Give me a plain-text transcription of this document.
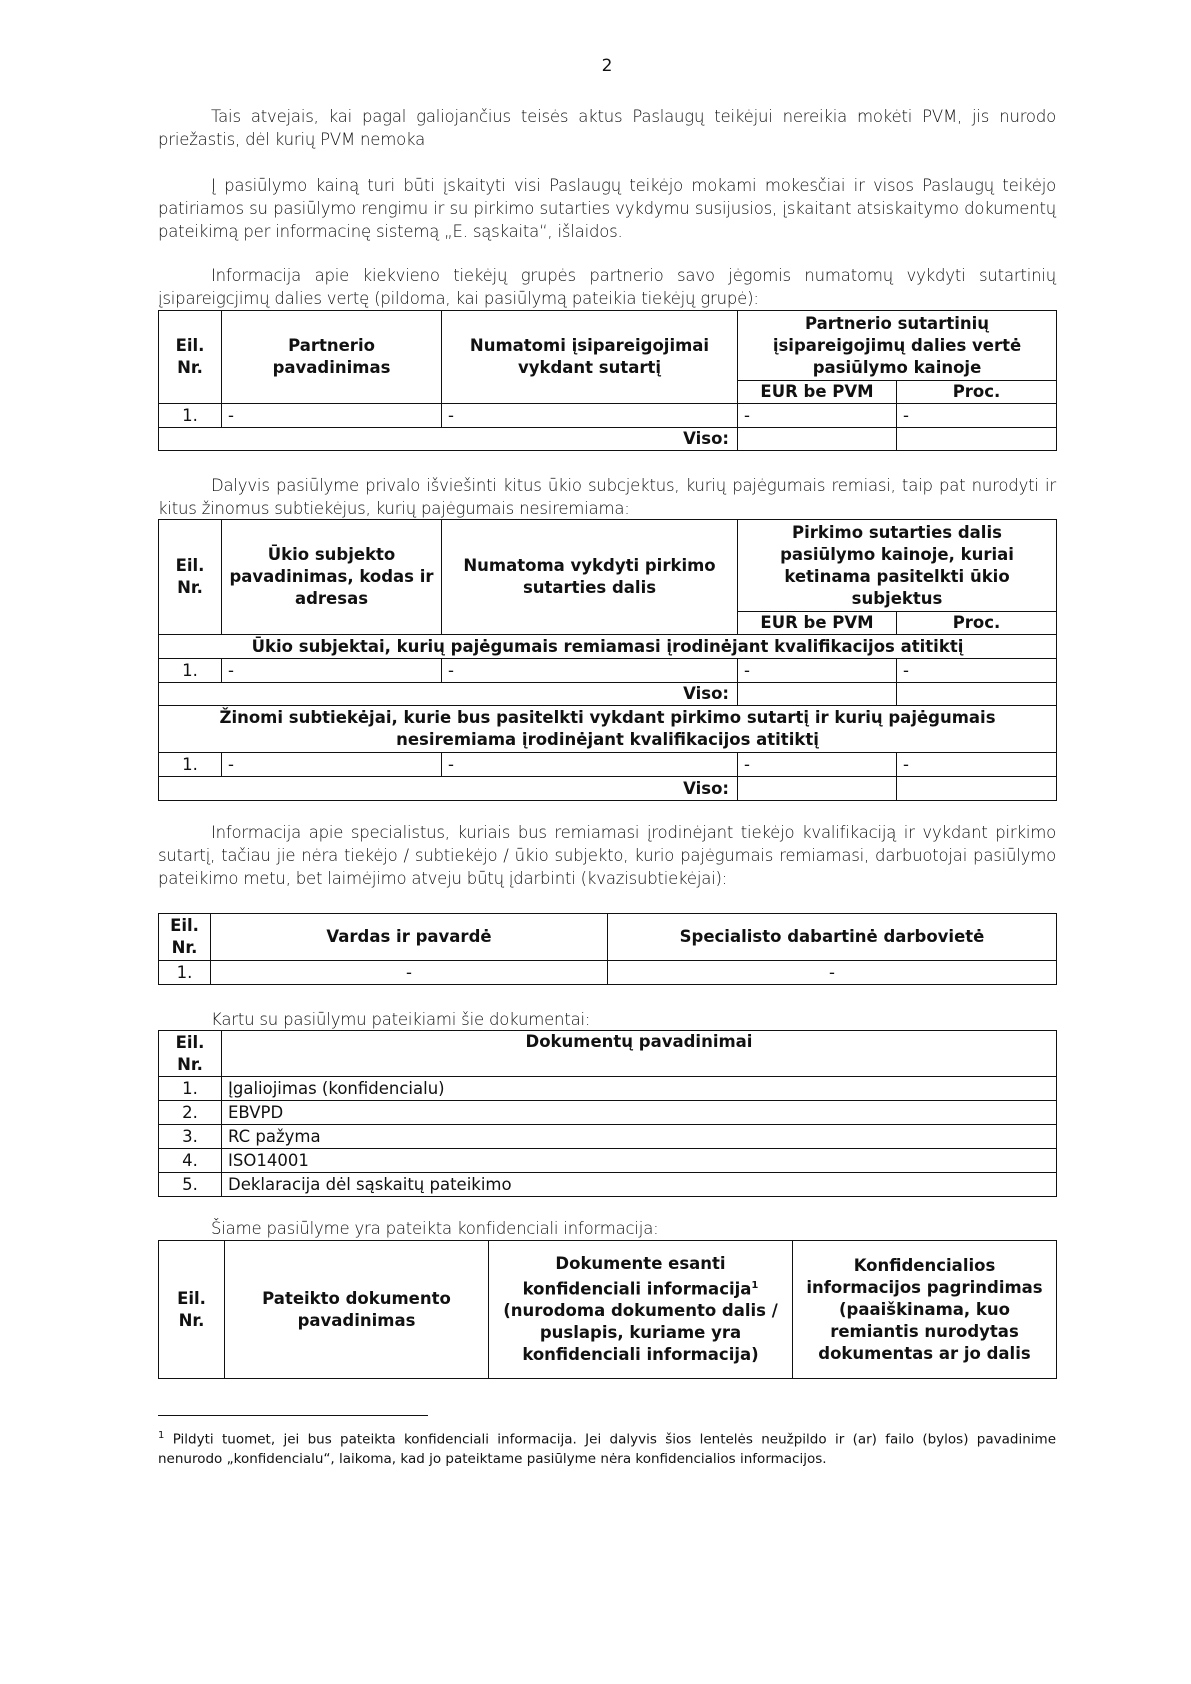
2

Tais atvejais, kai pagal galiojančius teisės aktus Paslaugų teikėjui nereikia mokėti PVM, jis nurodo priežastis, dėl kurių PVM nemoka

Į pasiūlymo kainą turi būti įskaityti visi Paslaugų teikėjo mokami mokesčiai ir visos Paslaugų teikėjo patiriamos su pasiūlymo rengimu ir su pirkimo sutarties vykdymu susijusios, įskaitant atsiskaitymo dokumentų pateikimą per informacinę sistemą „E. sąskaita“, išlaidos.

Informacija apie kiekvieno tiekėjų grupės partnerio savo jėgomis numatomų vykdyti sutartinių įsipareigcjimų dalies vertę (pildoma, kai pasiūlymą pateikia tiekėjų grupė):

Eil. Nr.	Partnerio pavadinimas	Numatomi įsipareigojimai vykdant sutartį	Partnerio sutartinių įsipareigojimų dalies vertė pasiūlymo kainoje	
			EUR be PVM	Proc.
1.	-	-	-	-
Viso:				

Dalyvis pasiūlyme privalo išviešinti kitus ūkio subcjektus, kurių pajėgumais remiasi, taip pat nurodyti ir kitus žinomus subtiekėjus, kurių pajėgumais nesiremiama:

Eil. Nr.	Ūkio subjekto pavadinimas, kodas ir adresas	Numatoma vykdyti pirkimo sutarties dalis	Pirkimo sutarties dalis pasiūlymo kainoje, kuriai ketinama pasitelkti ūkio subjektus	
			EUR be PVM	Proc.
Ūkio subjektai, kurių pajėgumais remiamasi įrodinėjant kvalifikacijos atitiktį				
1.	-	-	-	-
Viso:				
Žinomi subtiekėjai, kurie bus pasitelkti vykdant pirkimo sutartį ir kurių pajėgumais nesiremiama įrodinėjant kvalifikacijos atitiktį				
1.	-	-	-	-
Viso:				

Informacija apie specialistus, kuriais bus remiamasi įrodinėjant tiekėjo kvalifikaciją ir vykdant pirkimo sutartį, tačiau jie nėra tiekėjo / subtiekėjo / ūkio subjekto, kurio pajėgumais remiamasi, darbuotojai pasiūlymo pateikimo metu, bet laimėjimo atveju būtų įdarbinti (kvazisubtiekėjai):

Eil. Nr.	Vardas ir pavardė	Specialisto dabartinė darbovietė
1.	-	-

Kartu su pasiūlymu pateikiami šie dokumentai:

Eil. Nr.	Dokumentų pavadinimai
1.	Įgaliojimas (konfidencialu)
2.	EBVPD
3.	RC pažyma
4.	ISO14001
5.	Deklaracija dėl sąskaitų pateikimo

Šiame pasiūlyme yra pateikta konfidenciali informacija:

Eil. Nr.	Pateikto dokumento pavadinimas	Dokumente esanti konfidenciali informacija$^1$ (nurodoma dokumento dalis / puslapis, kuriame yra konfidenciali informacija)	Konfidencialios informacijos pagrindimas (paaiškinama, kuo remiantis nurodytas dokumentas ar jo dalis
$^1$ Pildyti tuomet, jei bus pateikta konfidenciali informacija. Jei dalyvis šios lentelės neužpildo ir (ar) failo (bylos) pavadinime nenurodo „konfidencialu“, laikoma, kad jo pateiktame pasiūlyme nėra konfidencialios informacijos.
